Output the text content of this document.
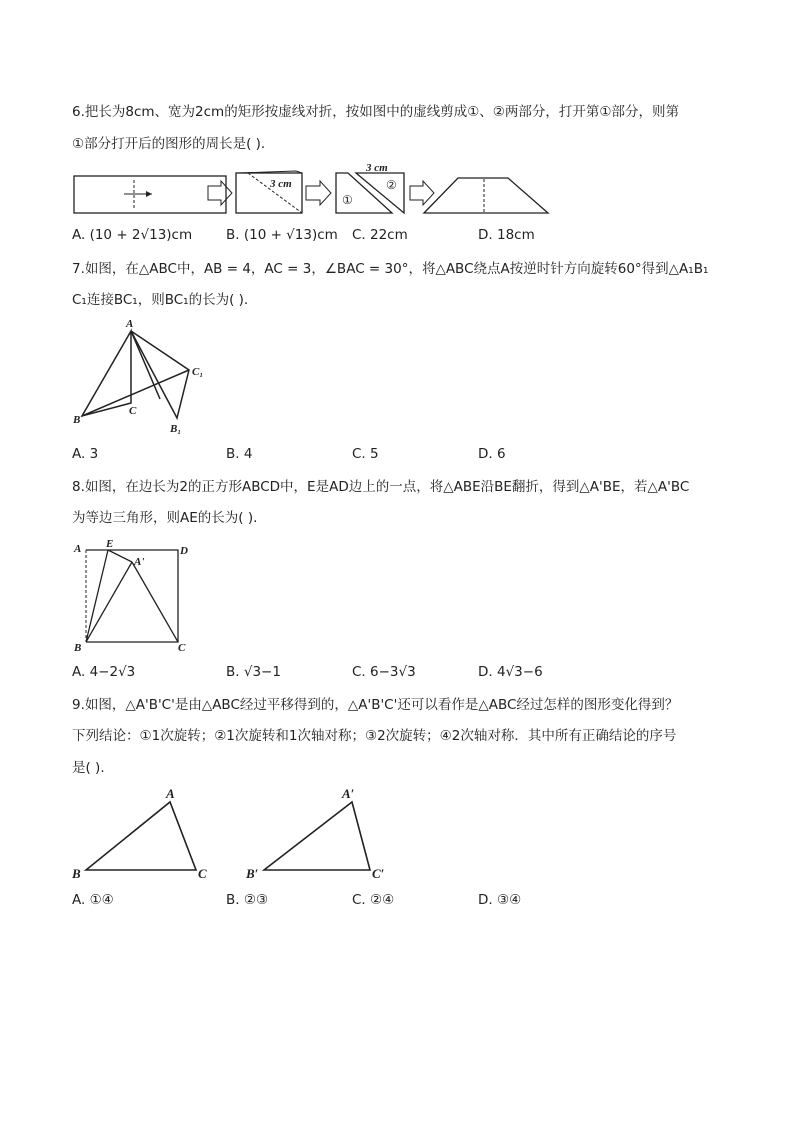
6.把长为8cm、宽为2cm的矩形按虚线对折，按如图中的虚线剪成①、②两部分，打开第①部分，则第
①部分打开后的图形的周长是( ).
3 cm
3 cm
①
②
A. (10 + 2√13)cm	B. (10 + √13)cm C. 22cm	D. 18cm
7.如图，在△ABC中，AB = 4，AC = 3，∠BAC = 30°，将△ABC绕点A按逆时针方向旋转60°得到△A₁B₁
C₁连接BC₁，则BC₁的长为( ).
A
B
C
C₁
B₁
A. 3	B. 4	C. 5	D. 6
8.如图，在边长为2的正方形ABCD中，E是AD边上的一点，将△ABE沿BE翻折，得到△A'BE，若△A'BC
为等边三角形，则AE的长为( ).
A E
D
A'
B	C
A. 4−2√3	B. √3−1	C. 6−3√3	D. 4√3−6
9.如图，△A'B'C'是由△ABC经过平移得到的，△A'B'C'还可以看作是△ABC经过怎样的图形变化得到？
下列结论：①1次旋转；②1次旋转和1次轴对称；③2次旋转；④2次轴对称．其中所有正确结论的序号
是( ).
A
B	C
A′
B′	C′
A. ①④	B. ②③	C. ②④	D. ③④
